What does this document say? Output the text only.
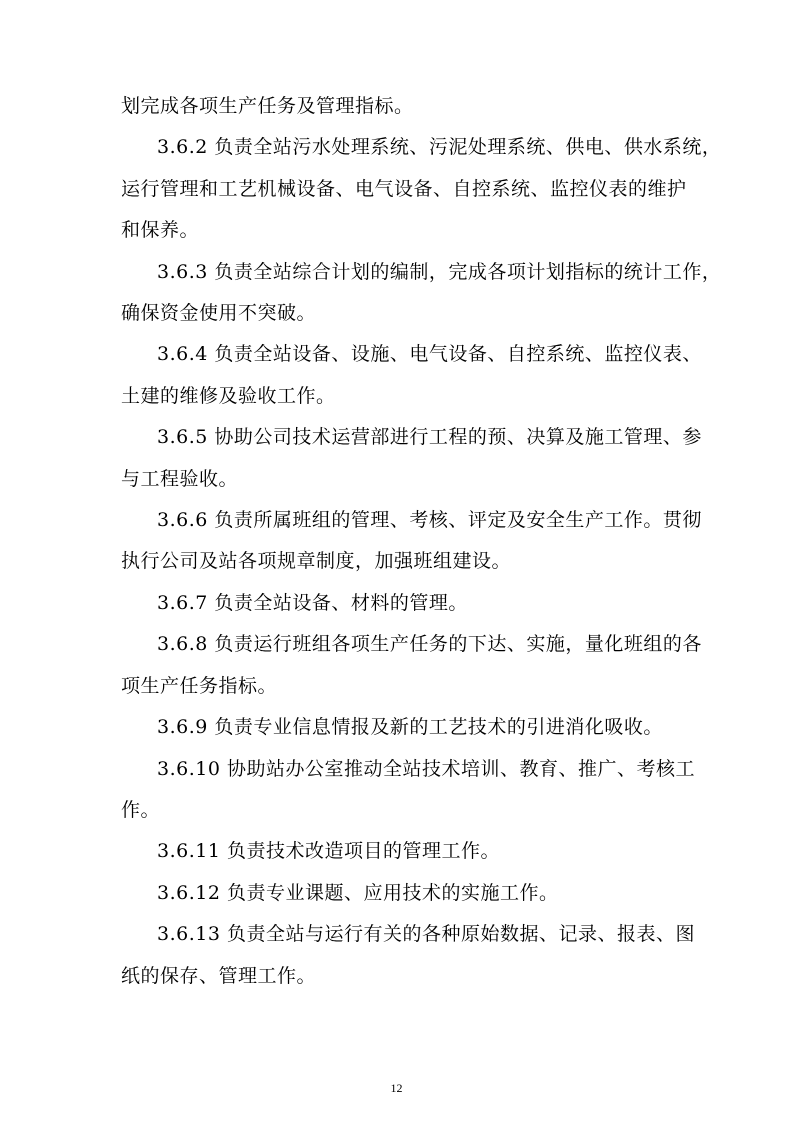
划完成各项生产任务及管理指标。

3.6.2 负责全站污水处理系统、污泥处理系统、供电、供水系统，
运行管理和工艺机械设备、电气设备、自控系统、监控仪表的维护
和保养。

3.6.3 负责全站综合计划的编制，完成各项计划指标的统计工作，
确保资金使用不突破。

3.6.4 负责全站设备、设施、电气设备、自控系统、监控仪表、
土建的维修及验收工作。

3.6.5 协助公司技术运营部进行工程的预、决算及施工管理、参
与工程验收。

3.6.6 负责所属班组的管理、考核、评定及安全生产工作。贯彻
执行公司及站各项规章制度，加强班组建设。

3.6.7 负责全站设备、材料的管理。

3.6.8 负责运行班组各项生产任务的下达、实施，量化班组的各
项生产任务指标。

3.6.9 负责专业信息情报及新的工艺技术的引进消化吸收。

3.6.10 协助站办公室推动全站技术培训、教育、推广、考核工
作。

3.6.11 负责技术改造项目的管理工作。

3.6.12 负责专业课题、应用技术的实施工作。

3.6.13 负责全站与运行有关的各种原始数据、记录、报表、图
纸的保存、管理工作。

12
